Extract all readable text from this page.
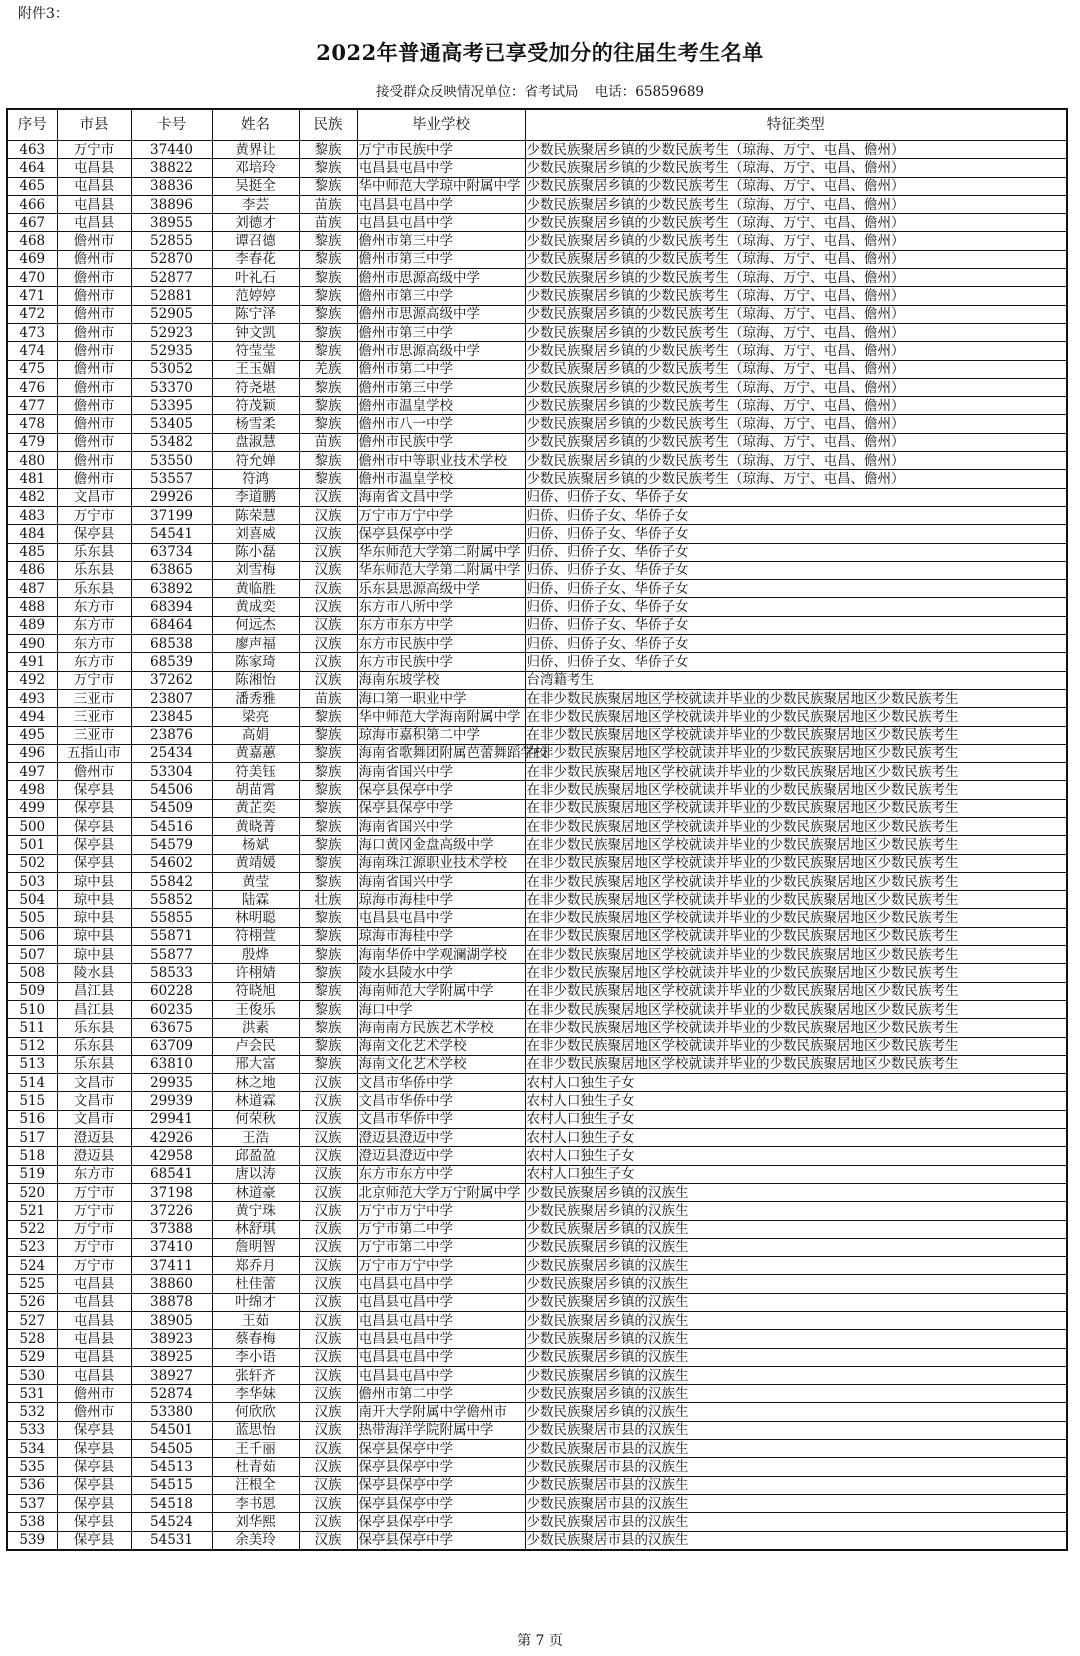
附件3：
2022年普通高考已享受加分的往届生考生名单
接受群众反映情况单位：省考试局 电话：65859689
序号	市县	卡号	姓名	民族	毕业学校	特征类型
463	万宁市	37440	黄界让	黎族	万宁市民族中学	少数民族聚居乡镇的少数民族考生（琼海、万宁、屯昌、儋州）
464	屯昌县	38822	邓培玲	黎族	屯昌县屯昌中学	少数民族聚居乡镇的少数民族考生（琼海、万宁、屯昌、儋州）
465	屯昌县	38836	吴挺全	黎族	华中师范大学琼中附属中学	少数民族聚居乡镇的少数民族考生（琼海、万宁、屯昌、儋州）
466	屯昌县	38896	李芸	苗族	屯昌县屯昌中学	少数民族聚居乡镇的少数民族考生（琼海、万宁、屯昌、儋州）
467	屯昌县	38955	刘德才	苗族	屯昌县屯昌中学	少数民族聚居乡镇的少数民族考生（琼海、万宁、屯昌、儋州）
468	儋州市	52855	谭召德	黎族	儋州市第三中学	少数民族聚居乡镇的少数民族考生（琼海、万宁、屯昌、儋州）
469	儋州市	52870	李春花	黎族	儋州市第三中学	少数民族聚居乡镇的少数民族考生（琼海、万宁、屯昌、儋州）
470	儋州市	52877	叶礼石	黎族	儋州市思源高级中学	少数民族聚居乡镇的少数民族考生（琼海、万宁、屯昌、儋州）
471	儋州市	52881	范婷婷	黎族	儋州市第三中学	少数民族聚居乡镇的少数民族考生（琼海、万宁、屯昌、儋州）
472	儋州市	52905	陈宁泽	黎族	儋州市思源高级中学	少数民族聚居乡镇的少数民族考生（琼海、万宁、屯昌、儋州）
473	儋州市	52923	钟文凯	黎族	儋州市第三中学	少数民族聚居乡镇的少数民族考生（琼海、万宁、屯昌、儋州）
474	儋州市	52935	符莹莹	黎族	儋州市思源高级中学	少数民族聚居乡镇的少数民族考生（琼海、万宁、屯昌、儋州）
475	儋州市	53052	王玉媚	羌族	儋州市第二中学	少数民族聚居乡镇的少数民族考生（琼海、万宁、屯昌、儋州）
476	儋州市	53370	符尧堪	黎族	儋州市第三中学	少数民族聚居乡镇的少数民族考生（琼海、万宁、屯昌、儋州）
477	儋州市	53395	符茂颖	黎族	儋州市温皇学校	少数民族聚居乡镇的少数民族考生（琼海、万宁、屯昌、儋州）
478	儋州市	53405	杨雪柔	黎族	儋州市八一中学	少数民族聚居乡镇的少数民族考生（琼海、万宁、屯昌、儋州）
479	儋州市	53482	盘淑慧	苗族	儋州市民族中学	少数民族聚居乡镇的少数民族考生（琼海、万宁、屯昌、儋州）
480	儋州市	53550	符允婵	黎族	儋州市中等职业技术学校	少数民族聚居乡镇的少数民族考生（琼海、万宁、屯昌、儋州）
481	儋州市	53557	符鸿	黎族	儋州市温皇学校	少数民族聚居乡镇的少数民族考生（琼海、万宁、屯昌、儋州）
482	文昌市	29926	李道鹏	汉族	海南省文昌中学	归侨、归侨子女、华侨子女
483	万宁市	37199	陈荣慧	汉族	万宁市万宁中学	归侨、归侨子女、华侨子女
484	保亭县	54541	刘喜威	汉族	保亭县保亭中学	归侨、归侨子女、华侨子女
485	乐东县	63734	陈小磊	汉族	华东师范大学第二附属中学	归侨、归侨子女、华侨子女
486	乐东县	63865	刘雪梅	汉族	华东师范大学第二附属中学	归侨、归侨子女、华侨子女
487	乐东县	63892	黄临胜	汉族	乐东县思源高级中学	归侨、归侨子女、华侨子女
488	东方市	68394	黄成奕	汉族	东方市八所中学	归侨、归侨子女、华侨子女
489	东方市	68464	何远杰	汉族	东方市东方中学	归侨、归侨子女、华侨子女
490	东方市	68538	廖声福	汉族	东方市民族中学	归侨、归侨子女、华侨子女
491	东方市	68539	陈家琦	汉族	东方市民族中学	归侨、归侨子女、华侨子女
492	万宁市	37262	陈湘怡	汉族	海南东坡学校	台湾籍考生
493	三亚市	23807	潘秀雅	苗族	海口第一职业中学	在非少数民族聚居地区学校就读并毕业的少数民族聚居地区少数民族考生
494	三亚市	23845	梁亮	黎族	华中师范大学海南附属中学	在非少数民族聚居地区学校就读并毕业的少数民族聚居地区少数民族考生
495	三亚市	23876	高娟	黎族	琼海市嘉积第二中学	在非少数民族聚居地区学校就读并毕业的少数民族聚居地区少数民族考生
496	五指山市	25434	黄嘉蕙	黎族	海南省歌舞团附属芭蕾舞蹈学校	在非少数民族聚居地区学校就读并毕业的少数民族聚居地区少数民族考生
497	儋州市	53304	符美钰	黎族	海南省国兴中学	在非少数民族聚居地区学校就读并毕业的少数民族聚居地区少数民族考生
498	保亭县	54506	胡苗霄	黎族	保亭县保亭中学	在非少数民族聚居地区学校就读并毕业的少数民族聚居地区少数民族考生
499	保亭县	54509	黄芷奕	黎族	保亭县保亭中学	在非少数民族聚居地区学校就读并毕业的少数民族聚居地区少数民族考生
500	保亭县	54516	黄晓菁	黎族	海南省国兴中学	在非少数民族聚居地区学校就读并毕业的少数民族聚居地区少数民族考生
501	保亭县	54579	杨斌	黎族	海口黄冈金盘高级中学	在非少数民族聚居地区学校就读并毕业的少数民族聚居地区少数民族考生
502	保亭县	54602	黄靖媛	黎族	海南珠江源职业技术学校	在非少数民族聚居地区学校就读并毕业的少数民族聚居地区少数民族考生
503	琼中县	55842	黄莹	黎族	海南省国兴中学	在非少数民族聚居地区学校就读并毕业的少数民族聚居地区少数民族考生
504	琼中县	55852	陆霖	壮族	琼海市海桂中学	在非少数民族聚居地区学校就读并毕业的少数民族聚居地区少数民族考生
505	琼中县	55855	林明聪	黎族	屯昌县屯昌中学	在非少数民族聚居地区学校就读并毕业的少数民族聚居地区少数民族考生
506	琼中县	55871	符栩萱	黎族	琼海市海桂中学	在非少数民族聚居地区学校就读并毕业的少数民族聚居地区少数民族考生
507	琼中县	55877	殷烨	黎族	海南华侨中学观澜湖学校	在非少数民族聚居地区学校就读并毕业的少数民族聚居地区少数民族考生
508	陵水县	58533	许栩婧	黎族	陵水县陵水中学	在非少数民族聚居地区学校就读并毕业的少数民族聚居地区少数民族考生
509	昌江县	60228	符晓旭	黎族	海南师范大学附属中学	在非少数民族聚居地区学校就读并毕业的少数民族聚居地区少数民族考生
510	昌江县	60235	王俊乐	黎族	海口中学	在非少数民族聚居地区学校就读并毕业的少数民族聚居地区少数民族考生
511	乐东县	63675	洪素	黎族	海南南方民族艺术学校	在非少数民族聚居地区学校就读并毕业的少数民族聚居地区少数民族考生
512	乐东县	63709	卢会民	黎族	海南文化艺术学校	在非少数民族聚居地区学校就读并毕业的少数民族聚居地区少数民族考生
513	乐东县	63810	邢大富	黎族	海南文化艺术学校	在非少数民族聚居地区学校就读并毕业的少数民族聚居地区少数民族考生
514	文昌市	29935	林之地	汉族	文昌市华侨中学	农村人口独生子女
515	文昌市	29939	林道霖	汉族	文昌市华侨中学	农村人口独生子女
516	文昌市	29941	何荣秋	汉族	文昌市华侨中学	农村人口独生子女
517	澄迈县	42926	王浩	汉族	澄迈县澄迈中学	农村人口独生子女
518	澄迈县	42958	邱盈盈	汉族	澄迈县澄迈中学	农村人口独生子女
519	东方市	68541	唐以涛	汉族	东方市东方中学	农村人口独生子女
520	万宁市	37198	林道豪	汉族	北京师范大学万宁附属中学	少数民族聚居乡镇的汉族生
521	万宁市	37226	黄宁珠	汉族	万宁市万宁中学	少数民族聚居乡镇的汉族生
522	万宁市	37388	林舒琪	汉族	万宁市第二中学	少数民族聚居乡镇的汉族生
523	万宁市	37410	詹明智	汉族	万宁市第二中学	少数民族聚居乡镇的汉族生
524	万宁市	37411	郑乔月	汉族	万宁市万宁中学	少数民族聚居乡镇的汉族生
525	屯昌县	38860	杜佳蕾	汉族	屯昌县屯昌中学	少数民族聚居乡镇的汉族生
526	屯昌县	38878	叶绵才	汉族	屯昌县屯昌中学	少数民族聚居乡镇的汉族生
527	屯昌县	38905	王茹	汉族	屯昌县屯昌中学	少数民族聚居乡镇的汉族生
528	屯昌县	38923	蔡春梅	汉族	屯昌县屯昌中学	少数民族聚居乡镇的汉族生
529	屯昌县	38925	李小语	汉族	屯昌县屯昌中学	少数民族聚居乡镇的汉族生
530	屯昌县	38927	张轩齐	汉族	屯昌县屯昌中学	少数民族聚居乡镇的汉族生
531	儋州市	52874	李华妹	汉族	儋州市第二中学	少数民族聚居乡镇的汉族生
532	儋州市	53380	何欣欣	汉族	南开大学附属中学儋州市	少数民族聚居乡镇的汉族生
533	保亭县	54501	蓝思怡	汉族	热带海洋学院附属中学	少数民族聚居市县的汉族生
534	保亭县	54505	王千丽	汉族	保亭县保亭中学	少数民族聚居市县的汉族生
535	保亭县	54513	杜青茹	汉族	保亭县保亭中学	少数民族聚居市县的汉族生
536	保亭县	54515	汪根全	汉族	保亭县保亭中学	少数民族聚居市县的汉族生
537	保亭县	54518	李书恩	汉族	保亭县保亭中学	少数民族聚居市县的汉族生
538	保亭县	54524	刘华熙	汉族	保亭县保亭中学	少数民族聚居市县的汉族生
539	保亭县	54531	余美玲	汉族	保亭县保亭中学	少数民族聚居市县的汉族生
第 7 页
